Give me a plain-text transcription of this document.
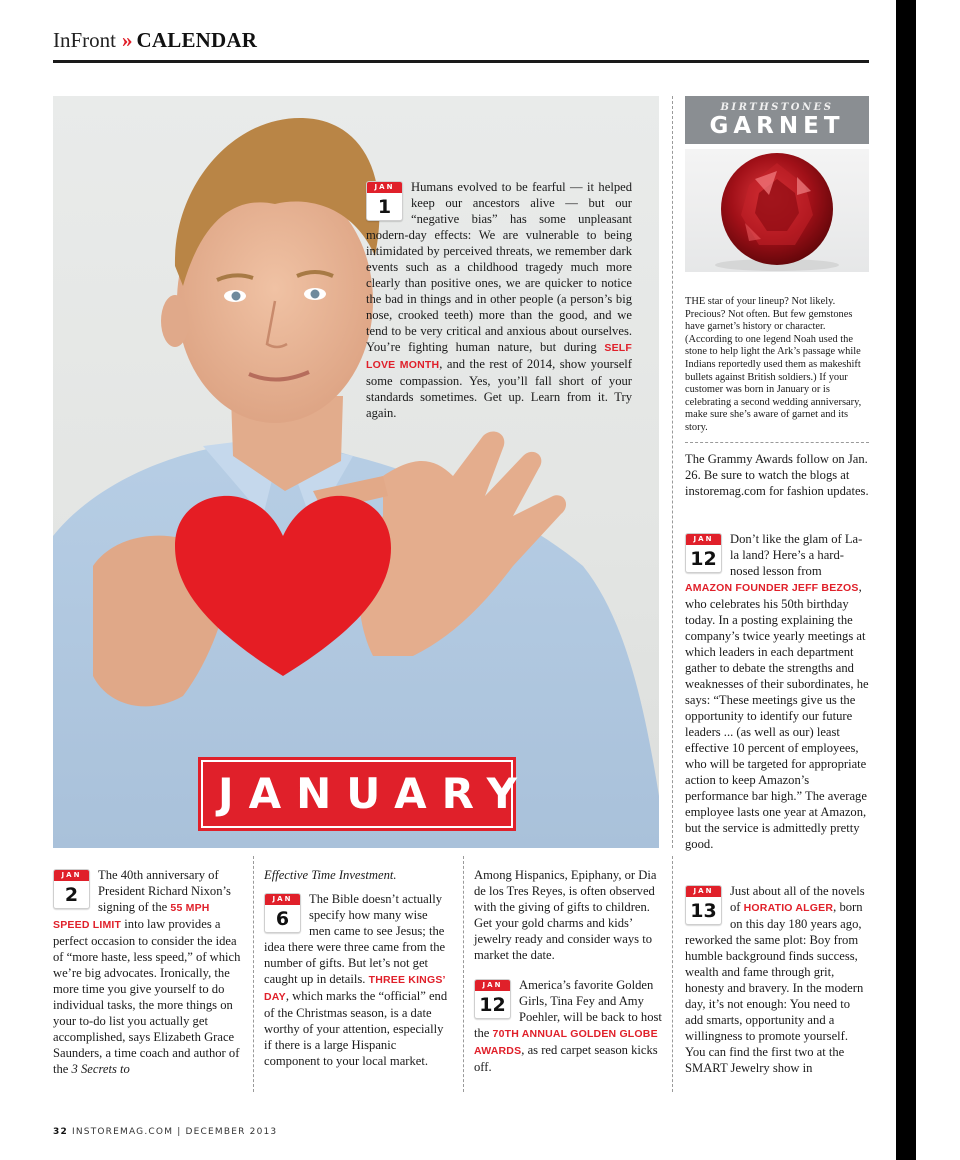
InFront » CALENDAR
JAN
1
Humans evolved to be fearful — it helped keep our ancestors alive — but our “negative bias” has some unpleasant modern-day effects: We are vulnerable to being intimidated by perceived threats, we remember dark events such as a childhood tragedy much more clearly than positive ones, we are quicker to notice the bad in things and in other people (a person’s big nose, crooked teeth) more than the good, and we tend to be very critical and anxious about ourselves. You’re fighting human nature, but during SELF LOVE MONTH, and the rest of 2014, show yourself some compassion. Yes, you’ll fall short of your standards sometimes. Get up. Learn from it. Try again.
JANUARY
BIRTHSTONES
GARNET
THE star of your lineup? Not likely. Precious? Not often. But few gemstones have garnet’s history or character. (According to one legend Noah used the stone to help light the Ark’s passage while Indians reportedly used them as makeshift bullets against British soldiers.) If your customer was born in January or is celebrating a second wedding anniversary, make sure she’s aware of garnet and its story.
The Grammy Awards follow on Jan. 26. Be sure to watch the blogs at instoremag.com for fashion updates.
JAN
12
Don’t like the glam of La-la land? Here’s a hard-nosed lesson from AMAZON FOUNDER JEFF BEZOS, who celebrates his 50th birthday today. In a posting explaining the company’s twice yearly meetings at which leaders in each department gather to debate the strengths and weaknesses of their subordinates, he says: “These meetings give us the opportunity to identify our future leaders ... (as well as our) least effective 10 percent of employees, who will be targeted for appropriate action to keep Amazon’s performance bar high.” The average employee lasts one year at Amazon, but the service is admittedly pretty good.
JAN
13
Just about all of the novels of HORATIO ALGER, born on this day 180 years ago, reworked the same plot: Boy from humble background finds success, wealth and fame through grit, honesty and bravery. In the modern day, it’s not enough: You need to add smarts, opportunity and a willingness to promote yourself. You can find the first two at the SMART Jewelry show in
JAN
2
The 40th anniversary of President Richard Nixon’s signing of the 55 MPH SPEED LIMIT into law provides a perfect occasion to consider the idea of “more haste, less speed,” of which we’re big advocates. Ironically, the more time you give yourself to do individual tasks, the more things on your to-do list you actually get accomplished, says Elizabeth Grace Saunders, a time coach and author of the 3 Secrets to
Effective Time Investment.
JAN
6
The Bible doesn’t actually specify how many wise men came to see Jesus; the idea there were three came from the number of gifts. But let’s not get caught up in details. THREE KINGS’ DAY, which marks the “official” end of the Christmas season, is a date worthy of your attention, especially if there is a large Hispanic component to your local market.
Among Hispanics, Epiphany, or Dia de los Tres Reyes, is often observed with the giving of gifts to children. Get your gold charms and kids’ jewelry ready and consider ways to market the date.
JAN
12
America’s favorite Golden Girls, Tina Fey and Amy Poehler, will be back to host the 70TH ANNUAL GOLDEN GLOBE AWARDS, as red carpet season kicks off.
32 INSTOREMAG.COM | DECEMBER 2013
